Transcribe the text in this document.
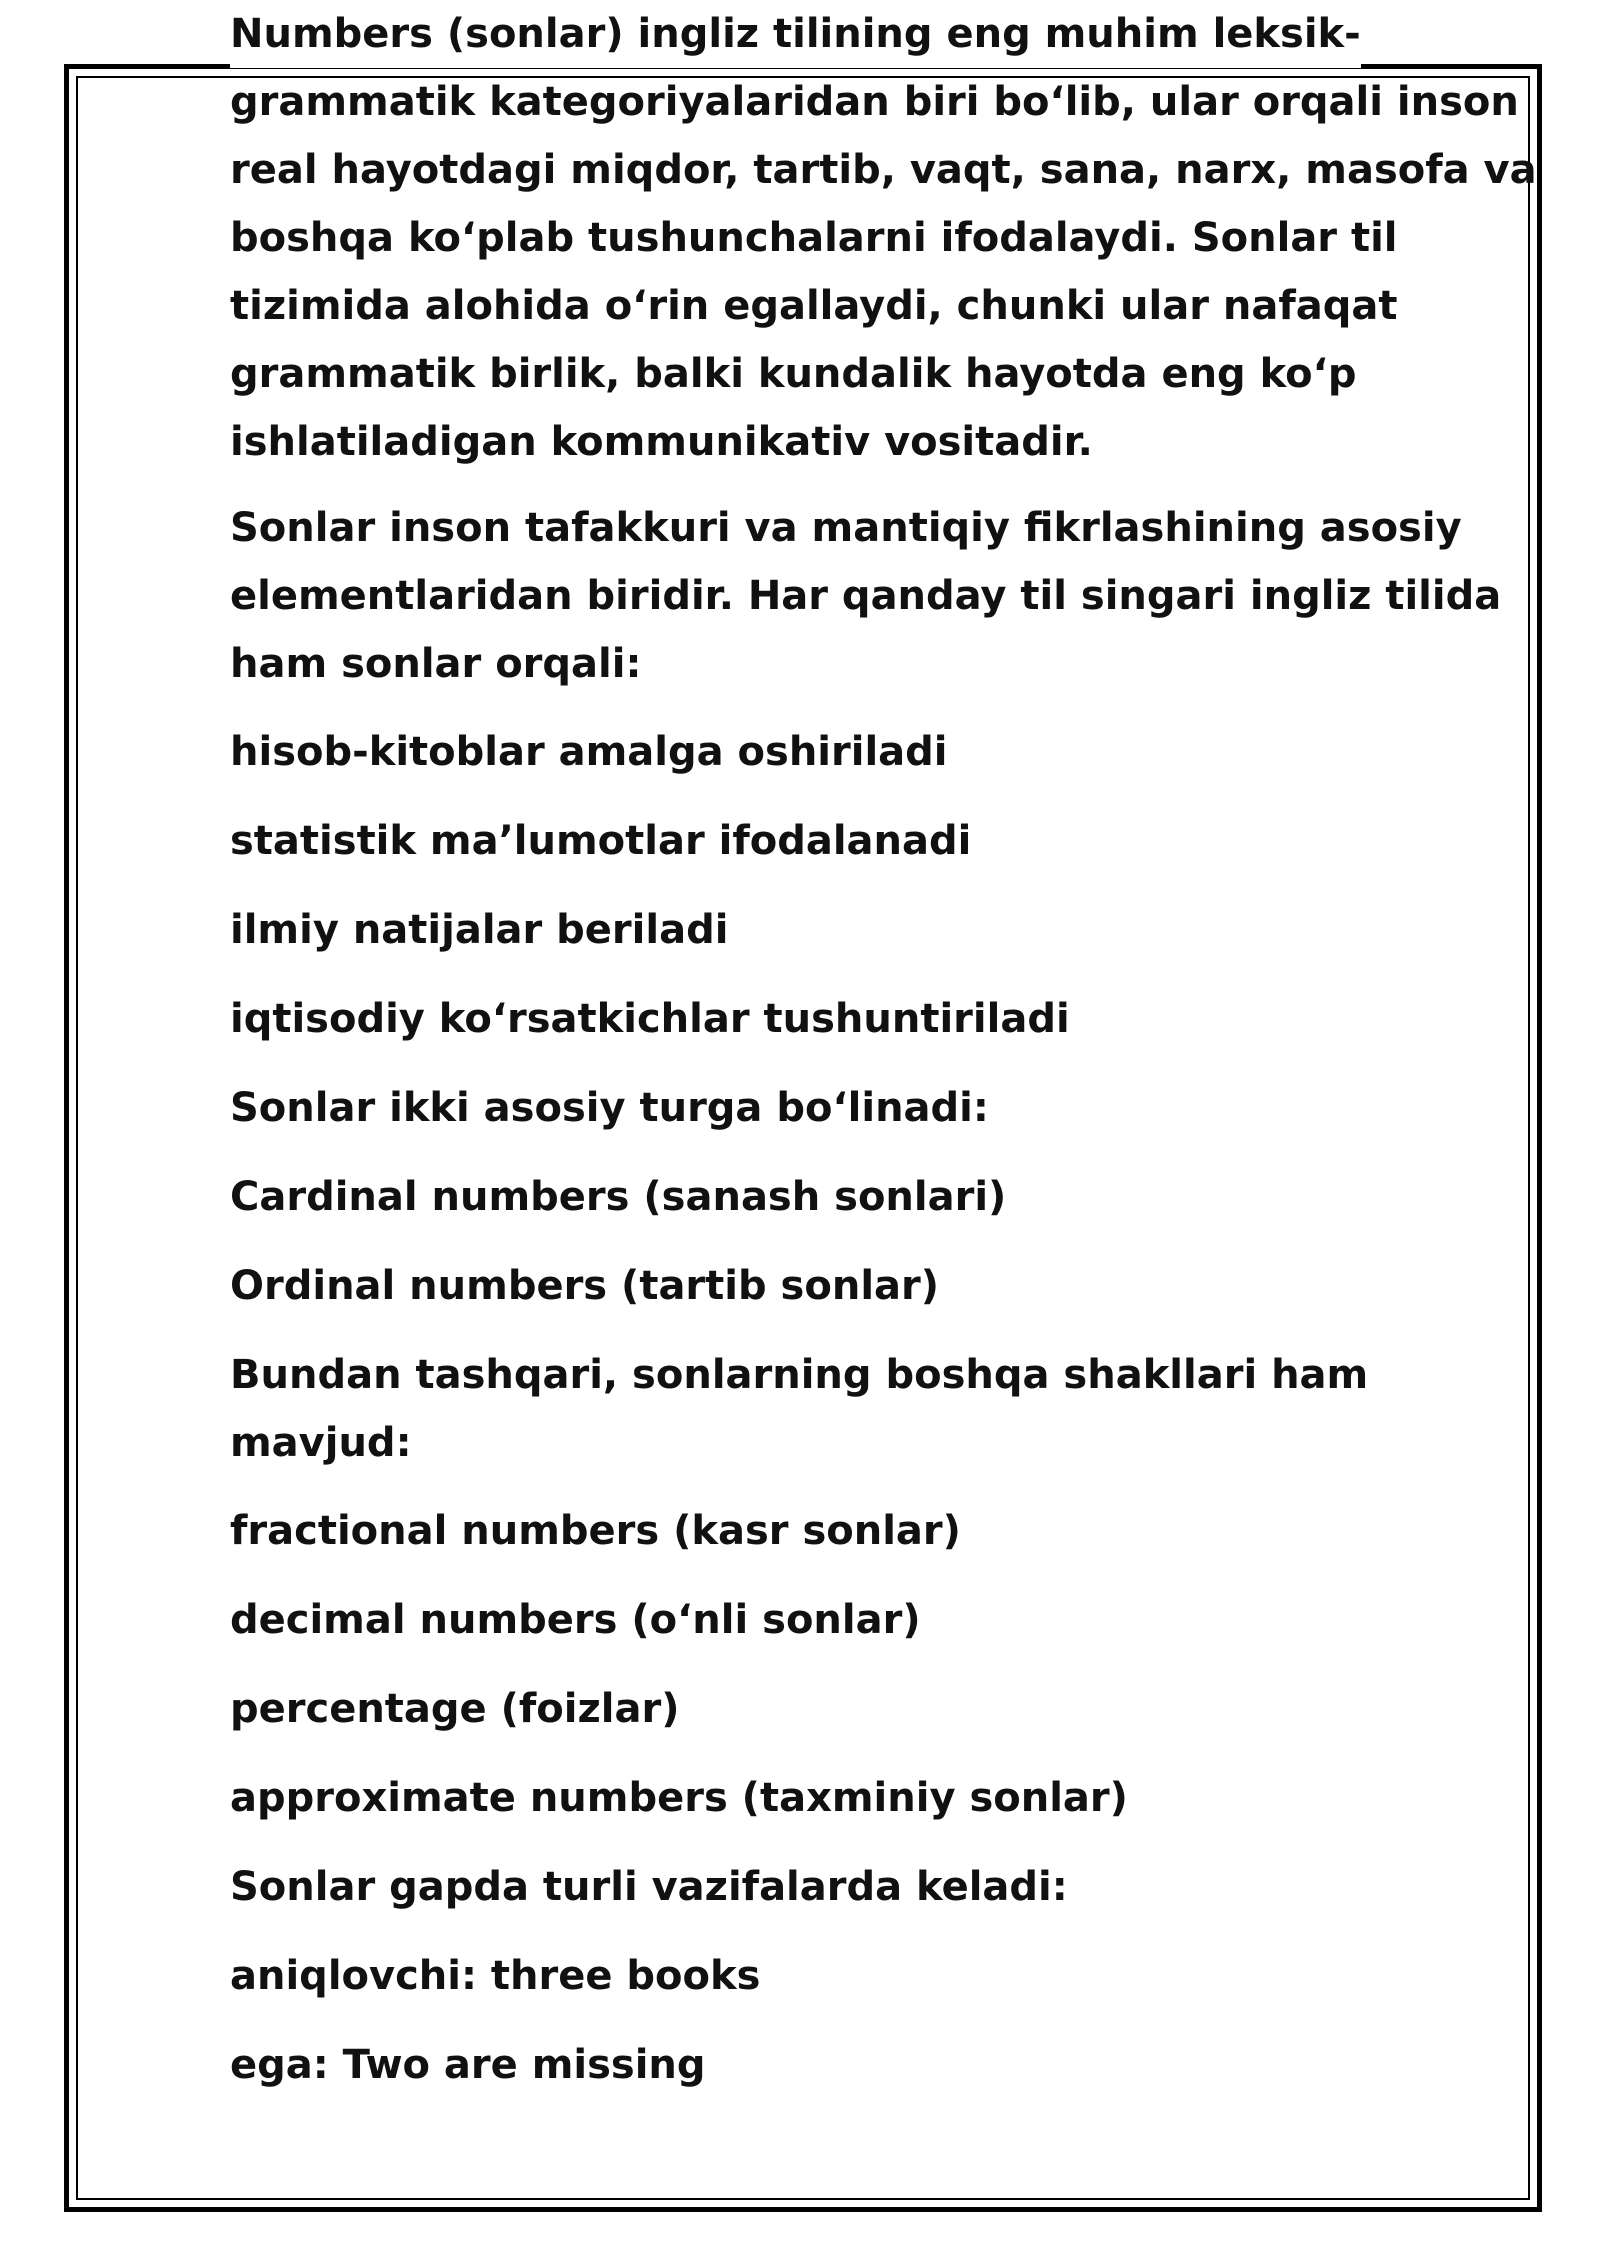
Numbers (sonlar) ingliz tilining eng muhim leksik-
grammatik kategoriyalaridan biri bo‘lib, ular orqali inson
real hayotdagi miqdor, tartib, vaqt, sana, narx, masofa va
boshqa ko‘plab tushunchalarni ifodalaydi. Sonlar til
tizimida alohida o‘rin egallaydi, chunki ular nafaqat
grammatik birlik, balki kundalik hayotda eng ko‘p
ishlatiladigan kommunikativ vositadir.
Sonlar inson tafakkuri va mantiqiy fikrlashining asosiy
elementlaridan biridir. Har qanday til singari ingliz tilida
ham sonlar orqali:
hisob-kitoblar amalga oshiriladi
statistik ma’lumotlar ifodalanadi
ilmiy natijalar beriladi
iqtisodiy ko‘rsatkichlar tushuntiriladi
Sonlar ikki asosiy turga bo‘linadi:
Cardinal numbers (sanash sonlari)
Ordinal numbers (tartib sonlar)
Bundan tashqari, sonlarning boshqa shakllari ham
mavjud:
fractional numbers (kasr sonlar)
decimal numbers (o‘nli sonlar)
percentage (foizlar)
approximate numbers (taxminiy sonlar)
Sonlar gapda turli vazifalarda keladi:
aniqlovchi: three books
ega: Two are missing
